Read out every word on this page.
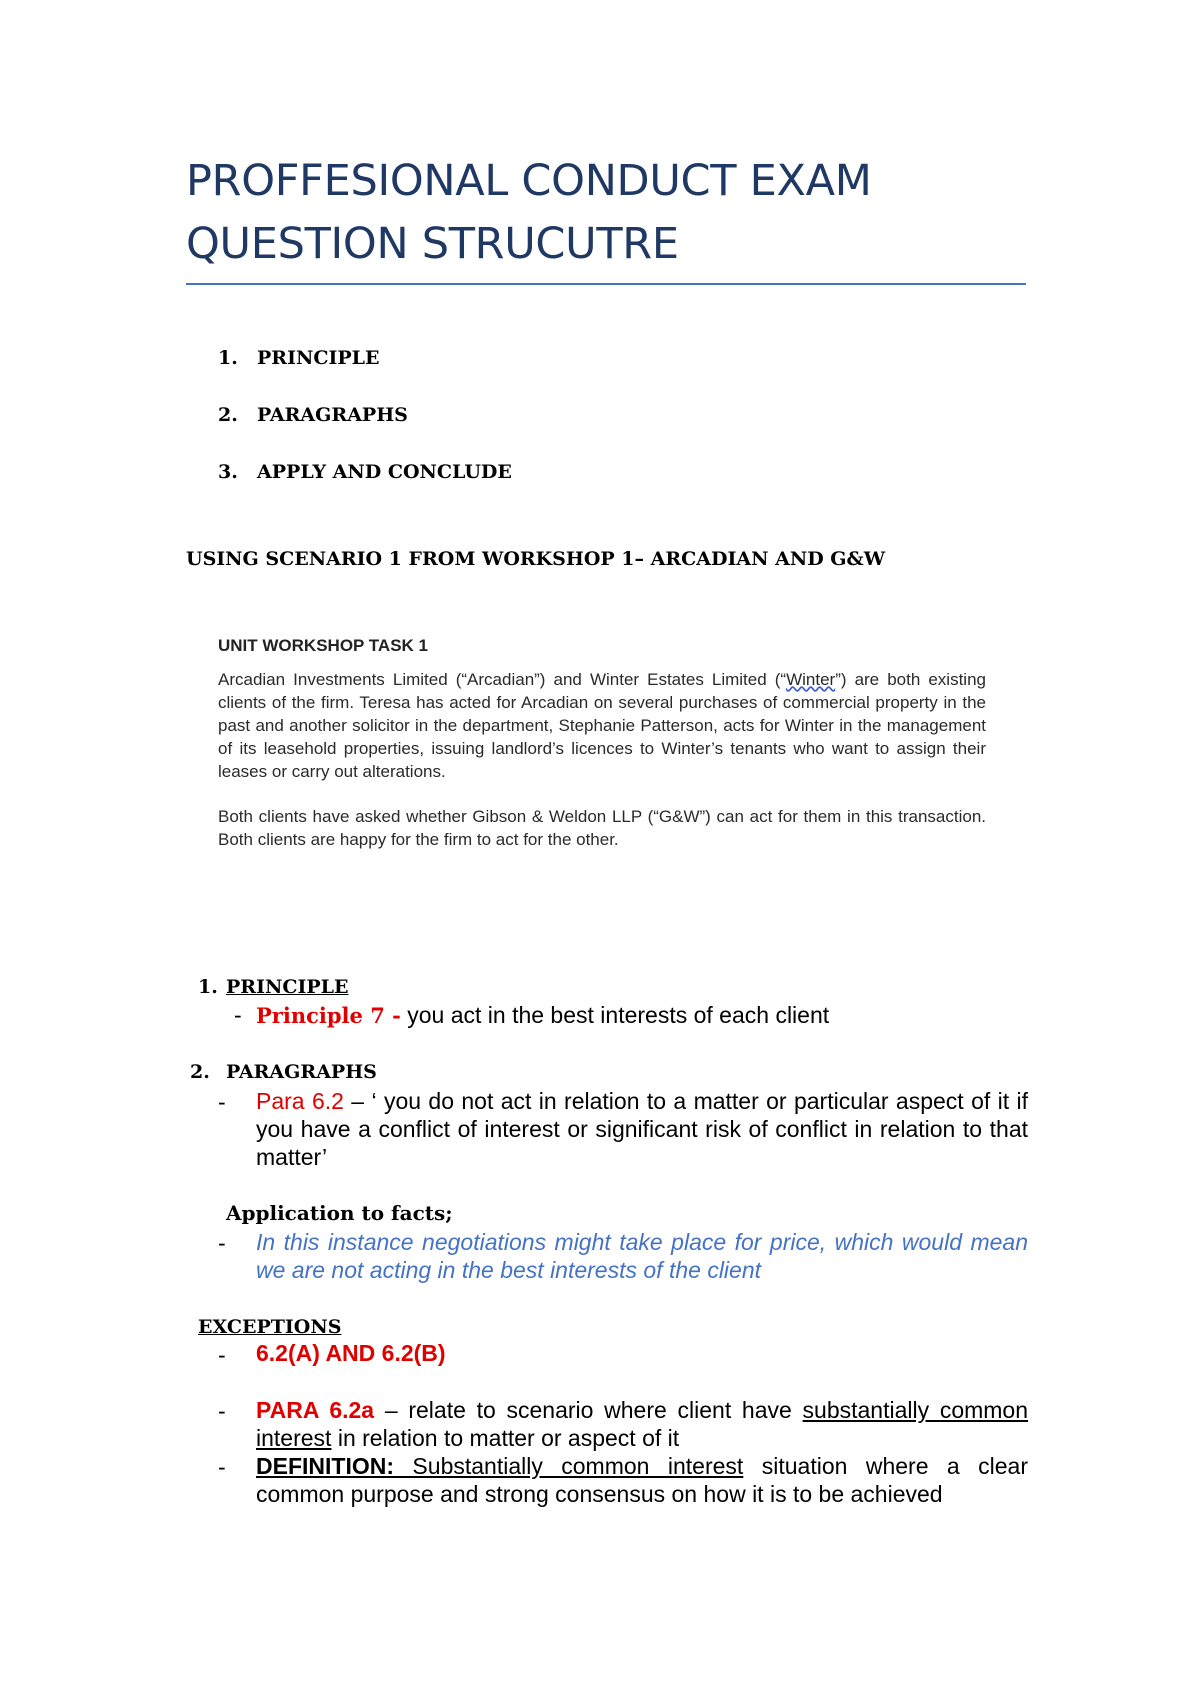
PROFFESIONAL CONDUCT EXAM
QUESTION STRUCUTRE
1. PRINCIPLE
2. PARAGRAPHS
3. APPLY AND CONCLUDE
USING SCENARIO 1 FROM WORKSHOP 1– ARCADIAN AND G&W
UNIT WORKSHOP TASK 1

Arcadian Investments Limited (“Arcadian”) and Winter Estates Limited (“Winter”) are both existing clients of the firm. Teresa has acted for Arcadian on several purchases of commercial property in the past and another solicitor in the department, Stephanie Patterson, acts for Winter in the management of its leasehold properties, issuing landlord’s licences to Winter’s tenants who want to assign their leases or carry out alterations.

Both clients have asked whether Gibson & Weldon LLP (“G&W”) can act for them in this transaction. Both clients are happy for the firm to act for the other.

1. PRINCIPLE
- Principle 7 - you act in the best interests of each client
2. PARAGRAPHS
- Para 6.2 – ‘ you do not act in relation to a matter or particular aspect of it if you have a conflict of interest or significant risk of conflict in relation to that matter’
Application to facts;
- In this instance negotiations might take place for price, which would mean we are not acting in the best interests of the client
EXCEPTIONS
- 6.2(A) AND 6.2(B)
- PARA 6.2a – relate to scenario where client have substantially common interest in relation to matter or aspect of it
- DEFINITION: Substantially common interest situation where a clear common purpose and strong consensus on how it is to be achieved
